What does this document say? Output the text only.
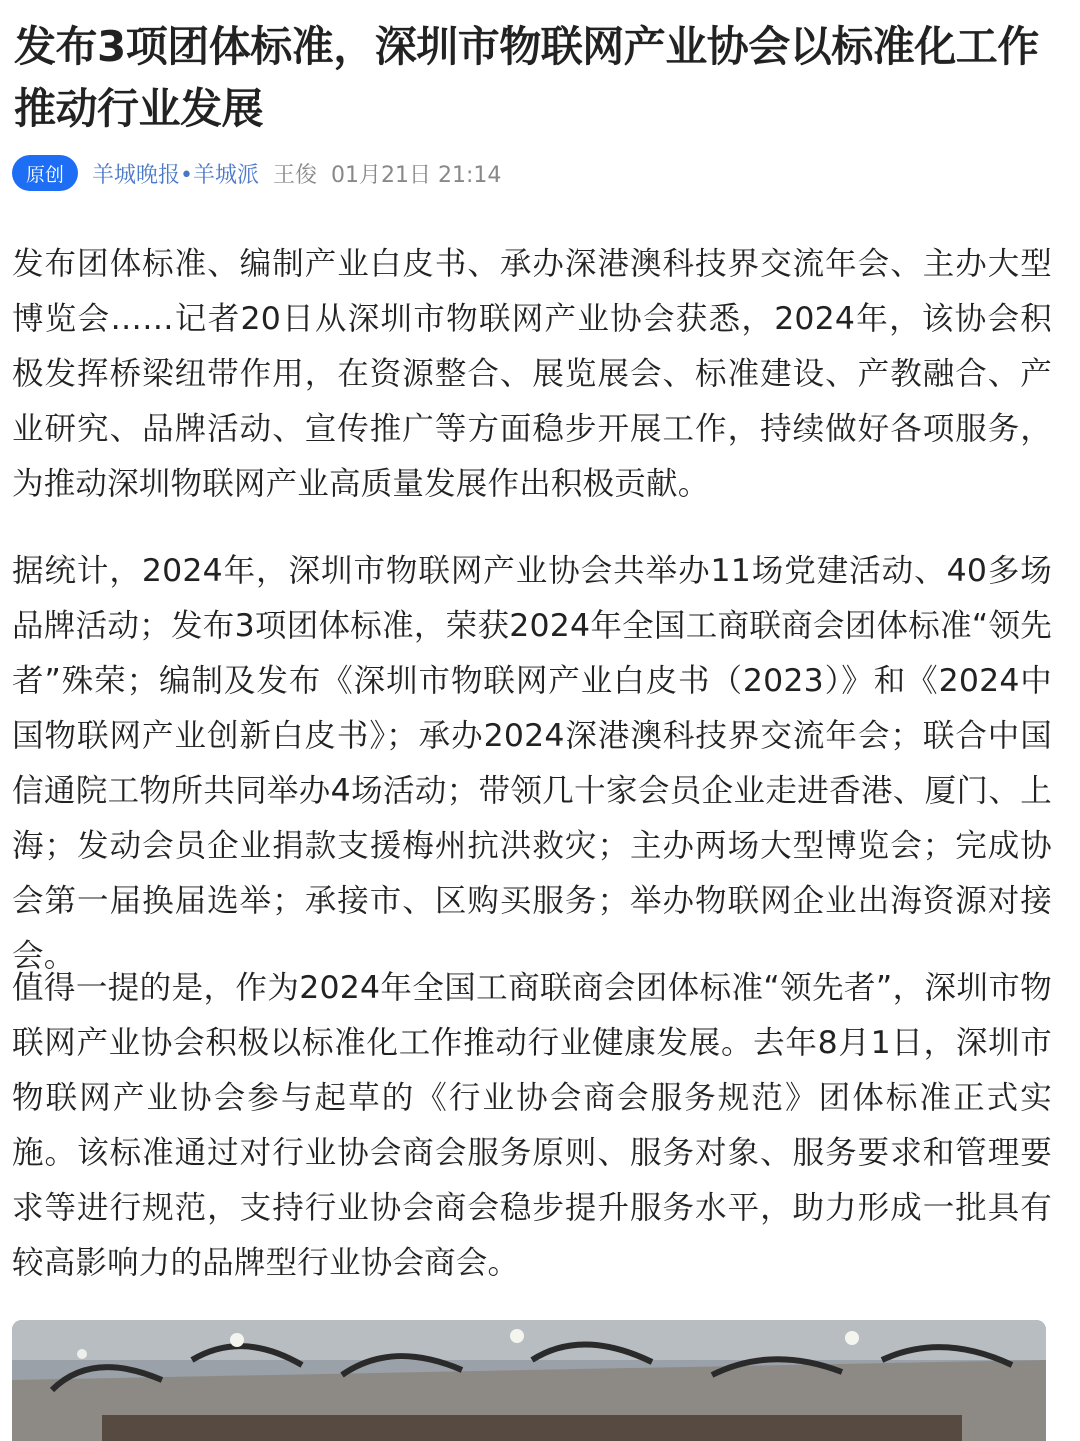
发布3项团体标准，深圳市物联网产业协会以标准化工作推动行业发展
原创	羊城晚报•羊城派 王俊 01月21日 21:14

发布团体标准、编制产业白皮书、承办深港澳科技界交流年会、主办大型博览会……记者20日从深圳市物联网产业协会获悉，2024年，该协会积极发挥桥梁纽带作用，在资源整合、展览展会、标准建设、产教融合、产业研究、品牌活动、宣传推广等方面稳步开展工作，持续做好各项服务，为推动深圳物联网产业高质量发展作出积极贡献。

据统计，2024年，深圳市物联网产业协会共举办11场党建活动、40多场品牌活动；发布3项团体标准，荣获2024年全国工商联商会团体标准“领先者”殊荣；编制及发布《深圳市物联网产业白皮书（2023）》和《2024中国物联网产业创新白皮书》；承办2024深港澳科技界交流年会；联合中国信通院工物所共同举办4场活动；带领几十家会员企业走进香港、厦门、上海；发动会员企业捐款支援梅州抗洪救灾；主办两场大型博览会；完成协会第一届换届选举；承接市、区购买服务；举办物联网企业出海资源对接会。

值得一提的是，作为2024年全国工商联商会团体标准“领先者”，深圳市物联网产业协会积极以标准化工作推动行业健康发展。去年8月1日，深圳市物联网产业协会参与起草的《行业协会商会服务规范》团体标准正式实施。该标准通过对行业协会商会服务原则、服务对象、服务要求和管理要求等进行规范，支持行业协会商会稳步提升服务水平，助力形成一批具有较高影响力的品牌型行业协会商会。
